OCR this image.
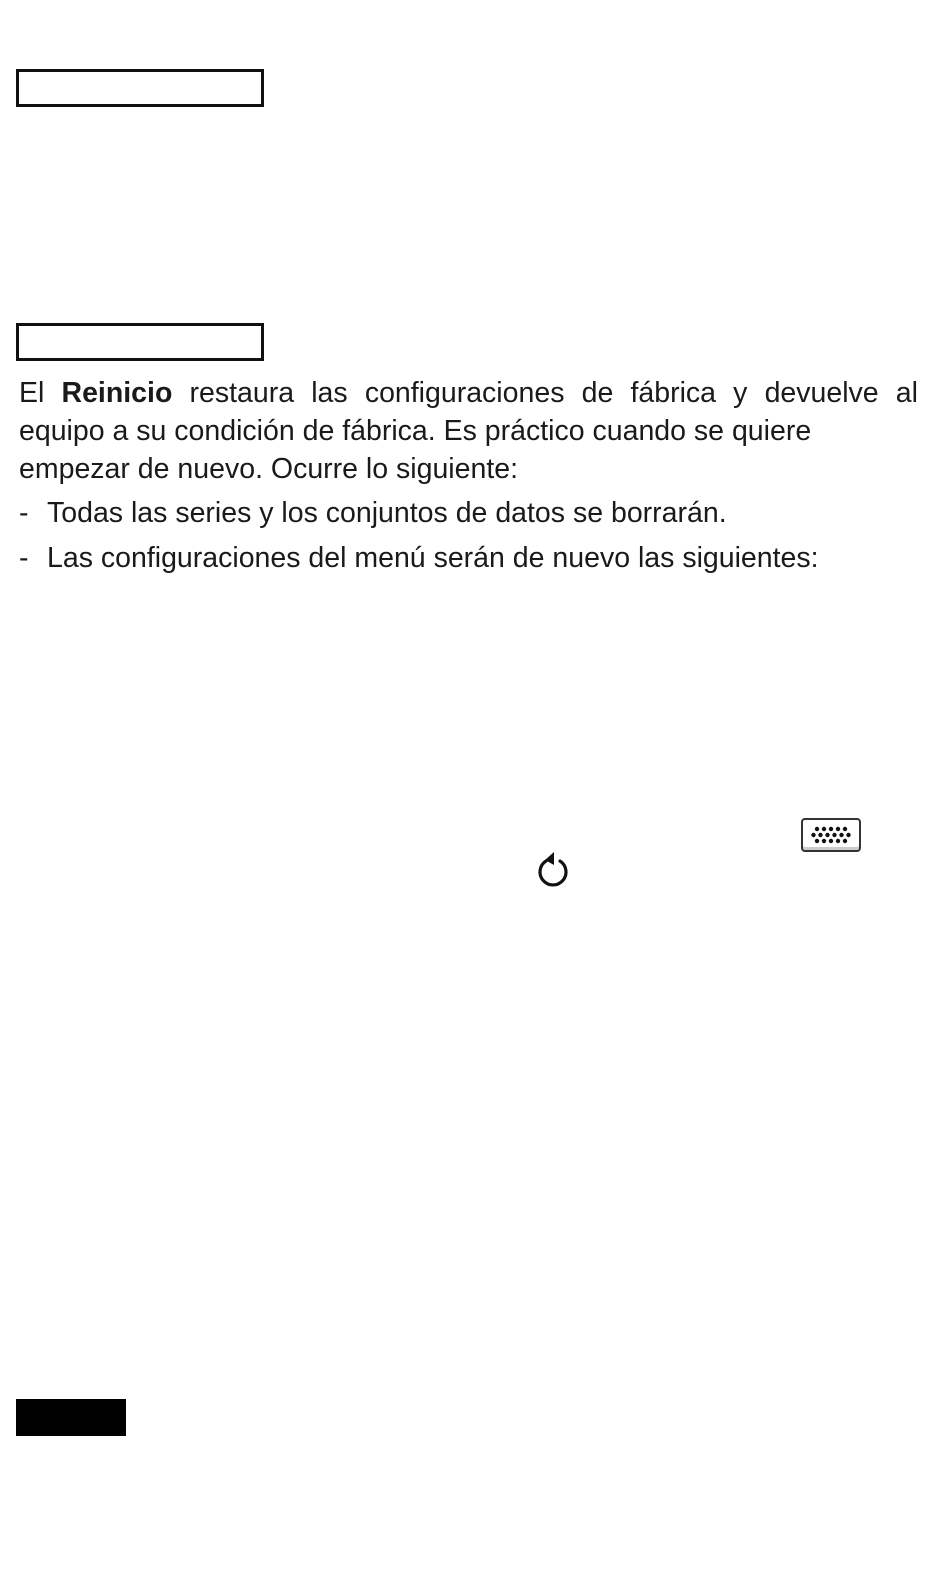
El Reinicio restaura las configuraciones de fábrica y devuelve al equipo a su condición de fábrica. Es práctico cuando se quiere
empezar de nuevo. Ocurre lo siguiente:

- Todas las series y los conjuntos de datos se borrarán.
- Las configuraciones del menú serán de nuevo las siguientes:
